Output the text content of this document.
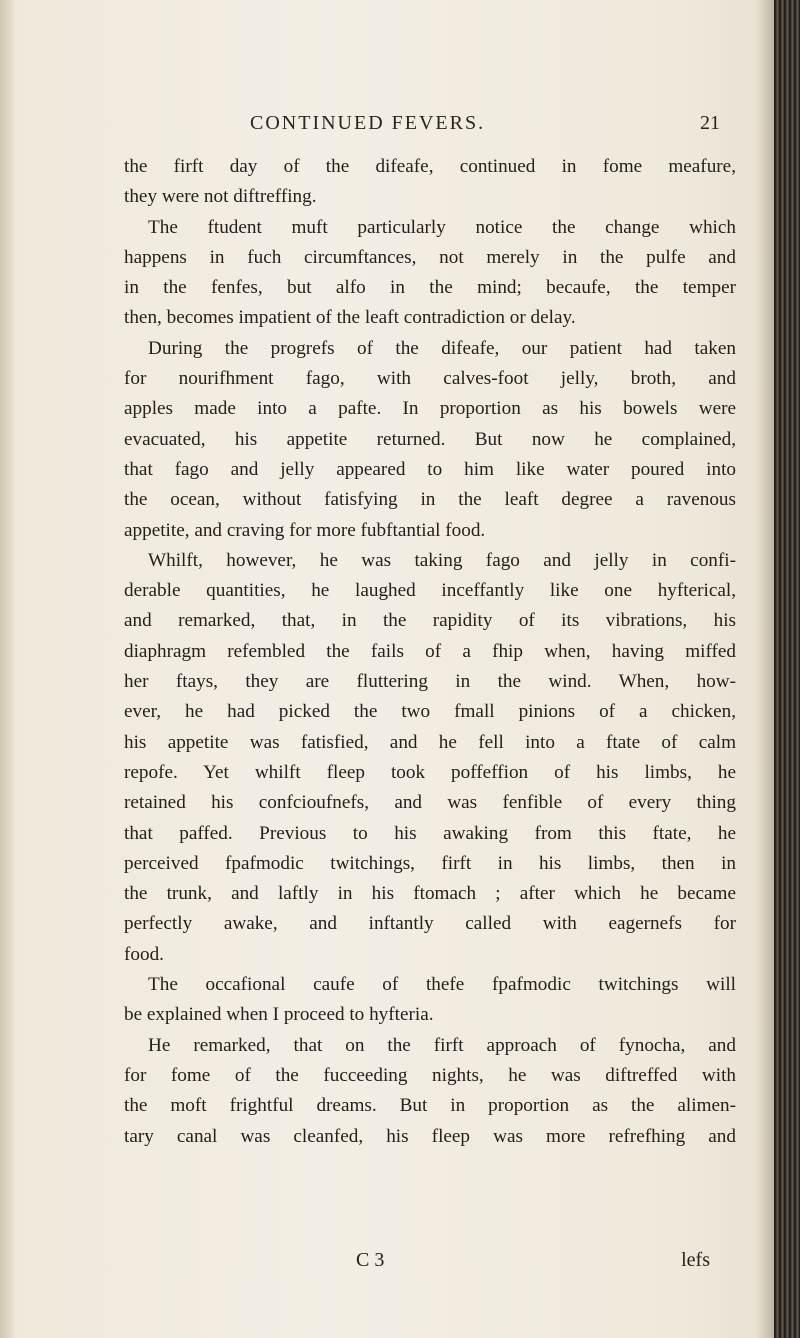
CONTINUED FEVERS.	21
the firft day of the difeafe, continued in fome meafure,
they were not diftreffing.
The ftudent muft particularly notice the change which
happens in fuch circumftances, not merely in the pulfe and
in the fenfes, but alfo in the mind; becaufe, the temper
then, becomes impatient of the leaft contradiction or delay.
During the progrefs of the difeafe, our patient had taken
for nourifhment fago, with calves-foot jelly, broth, and
apples made into a pafte. In proportion as his bowels were
evacuated, his appetite returned. But now he complained,
that fago and jelly appeared to him like water poured into
the ocean, without fatisfying in the leaft degree a ravenous
appetite, and craving for more fubftantial food.
Whilft, however, he was taking fago and jelly in confi-
derable quantities, he laughed inceffantly like one hyfterical,
and remarked, that, in the rapidity of its vibrations, his
diaphragm refembled the fails of a fhip when, having miffed
her ftays, they are fluttering in the wind. When, how-
ever, he had picked the two fmall pinions of a chicken,
his appetite was fatisfied, and he fell into a ftate of calm
repofe. Yet whilft fleep took poffeffion of his limbs, he
retained his confcioufnefs, and was fenfible of every thing
that paffed. Previous to his awaking from this ftate, he
perceived fpafmodic twitchings, firft in his limbs, then in
the trunk, and laftly in his ftomach ; after which he became
perfectly awake, and inftantly called with eagernefs for
food.
The occafional caufe of thefe fpafmodic twitchings will
be explained when I proceed to hyfteria.
He remarked, that on the firft approach of fynocha, and
for fome of the fucceeding nights, he was diftreffed with
the moft frightful dreams. But in proportion as the alimen-
tary canal was cleanfed, his fleep was more refrefhing and
C 3	lefs
